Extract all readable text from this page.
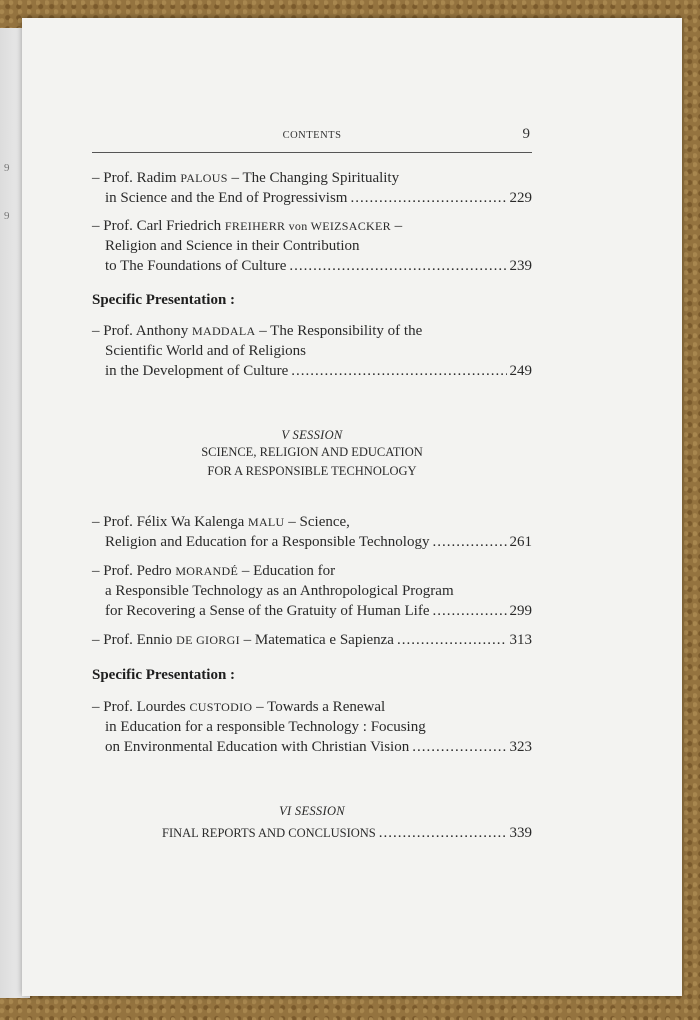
9
9
CONTENTS	9
– Prof. Radim PALOUS – The Changing Spirituality
in Science and the End of Progressivism .....	229
– Prof. Carl Friedrich FREIHERR von WEIZSACKER –
Religion and Science in their Contribution
to The Foundations of Culture .....	239
Specific Presentation :
– Prof. Anthony MADDALA – The Responsibility of the
Scientific World and of Religions
in the Development of Culture .....	249
V SESSION
SCIENCE, RELIGION AND EDUCATION
FOR A RESPONSIBLE TECHNOLOGY
– Prof. Félix Wa Kalenga MALU – Science,
Religion and Education for a Responsible Technology .....	261
– Prof. Pedro MORANDÉ – Education for
a Responsible Technology as an Anthropological Program
for Recovering a Sense of the Gratuity of Human Life .....	299
– Prof. Ennio DE GIORGI – Matematica e Sapienza .....	313
Specific Presentation :
– Prof. Lourdes CUSTODIO – Towards a Renewal
in Education for a responsible Technology : Focusing
on Environmental Education with Christian Vision .....	323
VI SESSION
FINAL REPORTS AND CONCLUSIONS .....	339
